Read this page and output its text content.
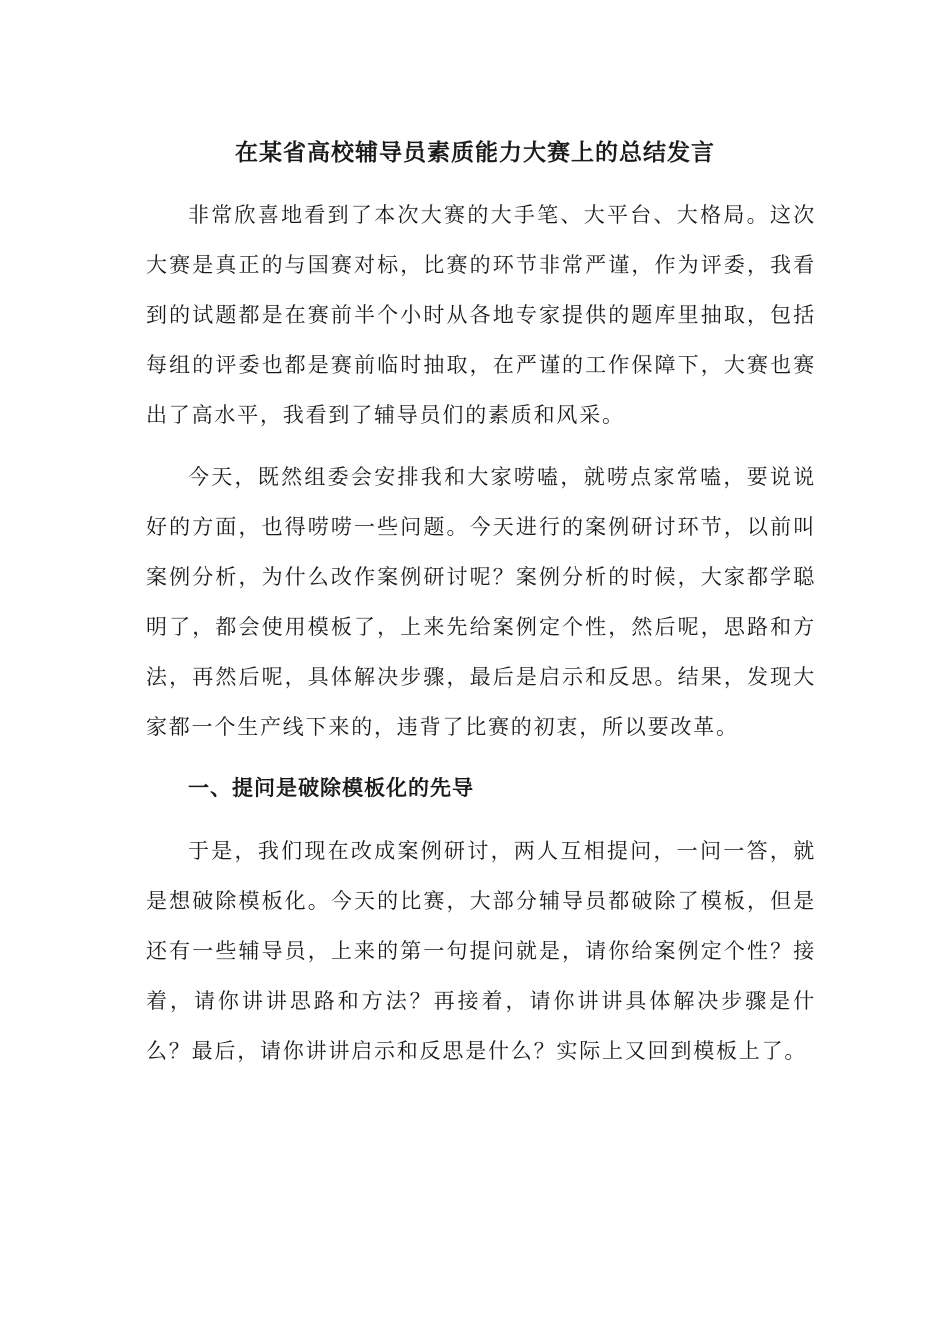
在某省高校辅导员素质能力大赛上的总结发言

非常欣喜地看到了本次大赛的大手笔、大平台、大格局。这次大赛是真正的与国赛对标，比赛的环节非常严谨，作为评委，我看到的试题都是在赛前半个小时从各地专家提供的题库里抽取，包括每组的评委也都是赛前临时抽取，在严谨的工作保障下，大赛也赛出了高水平，我看到了辅导员们的素质和风采。

今天，既然组委会安排我和大家唠嗑，就唠点家常嗑，要说说好的方面，也得唠唠一些问题。今天进行的案例研讨环节，以前叫案例分析，为什么改作案例研讨呢？案例分析的时候，大家都学聪明了，都会使用模板了，上来先给案例定个性，然后呢，思路和方法，再然后呢，具体解决步骤，最后是启示和反思。结果，发现大家都一个生产线下来的，违背了比赛的初衷，所以要改革。

一、提问是破除模板化的先导

于是，我们现在改成案例研讨，两人互相提问，一问一答，就是想破除模板化。今天的比赛，大部分辅导员都破除了模板，但是还有一些辅导员，上来的第一句提问就是，请你给案例定个性？接着，请你讲讲思路和方法？再接着，请你讲讲具体解决步骤是什么？最后，请你讲讲启示和反思是什么？实际上又回到模板上了。
